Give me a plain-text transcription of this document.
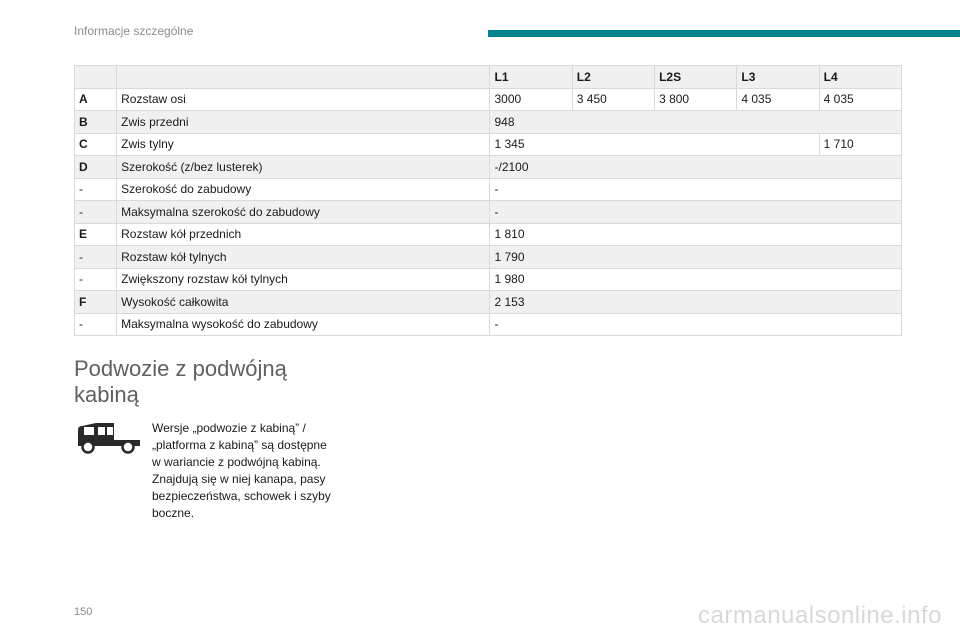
Informacje szczególne
		L1	L2	L2S	L3	L4
A	Rozstaw osi	3000	3 450	3 800	4 035	4 035
B	Zwis przedni	948				
C	Zwis tylny	1 345				1 710
D	Szerokość (z/bez lusterek)	-/2100				
-	Szerokość do zabudowy	-				
-	Maksymalna szerokość do zabudowy	-				
E	Rozstaw kół przednich	1 810				
-	Rozstaw kół tylnych	1 790				
-	Zwiększony rozstaw kół tylnych	1 980				
F	Wysokość całkowita	2 153				
-	Maksymalna wysokość do zabudowy	-				
Podwozie z podwójną kabiną
Wersje „podwozie z kabiną” / „platforma z kabiną” są dostępne w wariancie z podwójną kabiną. Znajdują się w niej kanapa, pasy bezpieczeństwa, schowek i szyby boczne.
150	carmanualsonline.info
